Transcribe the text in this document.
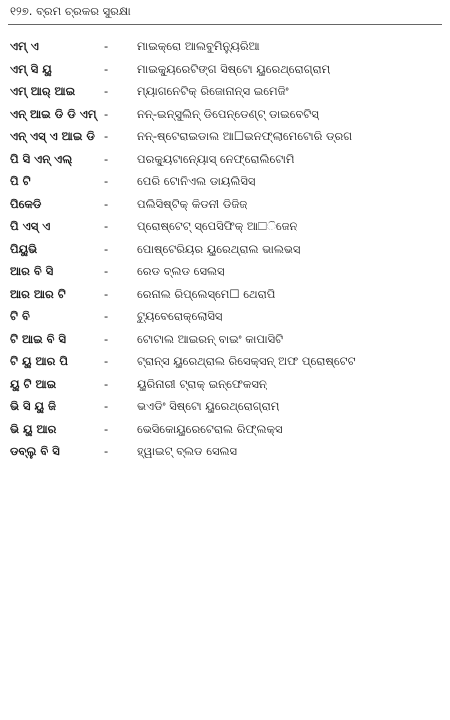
୧୨୭. ବ୍ରମ ଚ୍ରକର ସୁରକ୍ଷା
ଏମ୍ ଏ	-	ମାଇକ୍ରୋ ଆଲବୁମିନ୍ୟୁରିଆ
ଏମ୍ ସି ୟୁ	-	ମାଇକ୍ୟୁରେଟିଙ୍ଗ ସିଷ୍ଟୋ ୟୁରେଥ୍ରୋଗ୍ରାମ୍
ଏମ୍ ଆର୍ ଆଇ	-	ମ୍ୟାଗନେଟିକ୍ ରିଜୋନାନ୍ସ ଇମେଜିଂ
ଏନ୍ ଆଇ ଡି ଡି ଏମ୍ -	ନନ୍-ଇନ୍ସୁଲିନ୍ ଡିପେନ୍ଡେଣ୍ଟ୍ ଡାଇବେଟିସ୍
ଏନ୍ ଏସ୍ ଏ ଆଇ ଡି -	ନନ୍-ଷ୍ଟେରାଇଡାଲ ଆ☐ଇନଫ୍ଲାମେଟୋରି ଡ୍ରଗ
ପି ସି ଏନ୍ ଏଲ୍	-	ପରକ୍ୟୁଟାନ୍ୟୋସ୍ ନେଫ୍ରୋଲିଟୋମି
ପି ଟି	-	ପେରି ଟୋନିଏଲ ଡାୟଲିସିସ୍
ପିକେଡି	-	ପଲିସିଷ୍ଟିକ୍ କିଡନୀ ଡିଜିଜ୍
ପି ଏସ୍ ଏ	-	ପ୍ରୋଷ୍ଟେଟ୍ ସ୍ପେସିଫିକ୍ ଆ☐ିଜେନ୍
ପିୟୁଭି	-	ପୋଷ୍ଟେରିୟର ୟୁରେଥ୍ରାଲ ଭାଲଭସ୍
ଆର ବି ସି	-	ରେଡ ବ୍ଲଡ ସେଲସ୍
ଆର ଆର ଟି	-	ରେନାଲ ରିପ୍ଲେସ୍ମେ☐ ଥେରାପି
ଟି ବି	-	ଟ୍ୟୁବେରୋକ୍ଲୋସିସ୍
ଟି ଆଇ ବି ସି	-	ଟୋଟାଲ ଆଇରନ୍ ବାଇଂ କାପାସିଟି
ଟି ୟୁ ଆର ପି	-	ଟ୍ରାନ୍ସ ୟୁରେଥ୍ରାଲ ରିସେକ୍ସନ୍ ଅଫ ପ୍ରୋଷ୍ଟେଟ
ୟୁ ଟି ଆଇ	-	ୟୁରିନାରୀ ଟ୍ରାକ୍ ଇନ୍‌ଫେକସନ୍
ଭି ସି ୟୁ ଜି	-	ଭଏଡିଂ ସିଷ୍ଟୋ ୟୁରେଥ୍ରୋଗ୍ରାମ୍
ଭି ୟୁ ଆର	-	ଭେସିକୋୟୁରେଟେରାଲ ରିଫ୍ଲକ୍ସ
ଡବ୍ଲୁ ବି ସି	-	ହ୍ୱାଇଟ୍ ବ୍ଲଡ ସେଲସ
